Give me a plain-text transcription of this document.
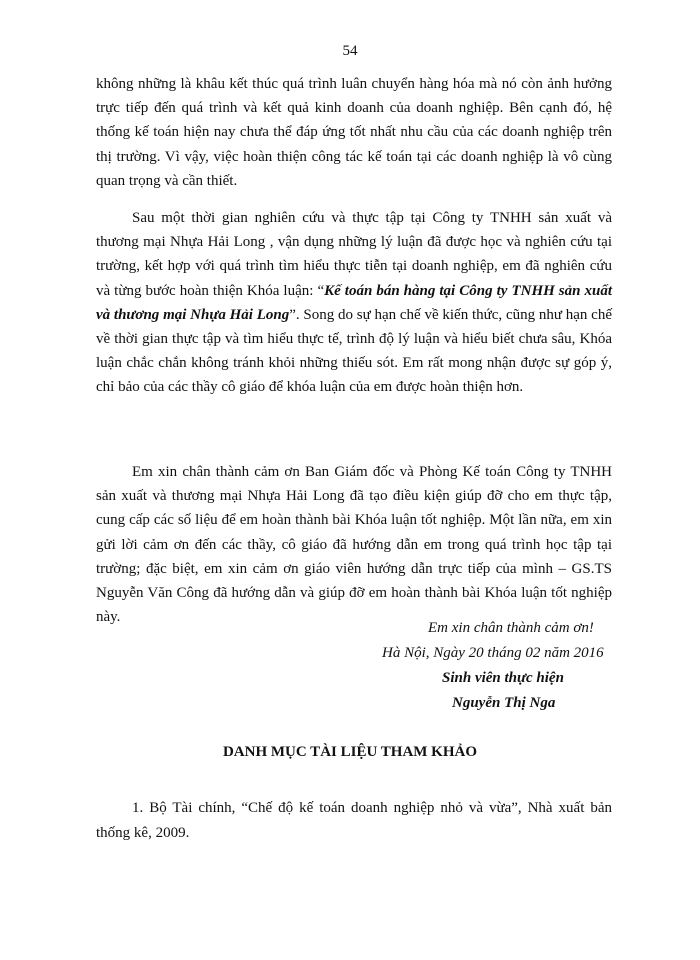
54

không những là khâu kết thúc quá trình luân chuyển hàng hóa mà nó còn ảnh hưởng trực tiếp đến quá trình và kết quả kinh doanh của doanh nghiệp. Bên cạnh đó, hệ thống kế toán hiện nay chưa thể đáp ứng tốt nhất nhu cầu của các doanh nghiệp trên thị trường. Vì vậy, việc hoàn thiện công tác kế toán tại các doanh nghiệp là vô cùng quan trọng và cần thiết.

Sau một thời gian nghiên cứu và thực tập tại Công ty TNHH sản xuất và thương mại Nhựa Hải Long , vận dụng những lý luận đã được học và nghiên cứu tại trường, kết hợp với quá trình tìm hiểu thực tiễn tại doanh nghiệp, em đã nghiên cứu và từng bước hoàn thiện Khóa luận: “Kế toán bán hàng tại Công ty TNHH sản xuất và thương mại Nhựa Hải Long”. Song do sự hạn chế về kiến thức, cũng như hạn chế về thời gian thực tập và tìm hiểu thực tế, trình độ lý luận và hiểu biết chưa sâu, Khóa luận chắc chắn không tránh khỏi những thiếu sót. Em rất mong nhận được sự góp ý, chỉ bảo của các thầy cô giáo để khóa luận của em được hoàn thiện hơn.

Em xin chân thành cảm ơn Ban Giám đốc và Phòng Kế toán Công ty TNHH sản xuất và thương mại Nhựa Hải Long đã tạo điều kiện giúp đỡ cho em thực tập, cung cấp các số liệu để em hoàn thành bài Khóa luận tốt nghiệp. Một lần nữa, em xin gửi lời cảm ơn đến các thầy, cô giáo đã hướng dẫn em trong quá trình học tập tại trường; đặc biệt, em xin cảm ơn giáo viên hướng dẫn trực tiếp của mình – GS.TS Nguyễn Văn Công đã hướng dẫn và giúp đỡ em hoàn thành bài Khóa luận tốt nghiệp này.

Em xin chân thành cảm ơn!
Hà Nội, Ngày 20 tháng 02 năm 2016
Sinh viên thực hiện
Nguyễn Thị Nga
DANH MỤC TÀI LIỆU THAM KHẢO

1. Bộ Tài chính, “Chế độ kế toán doanh nghiệp nhỏ và vừa”, Nhà xuất bản thống kê, 2009.
